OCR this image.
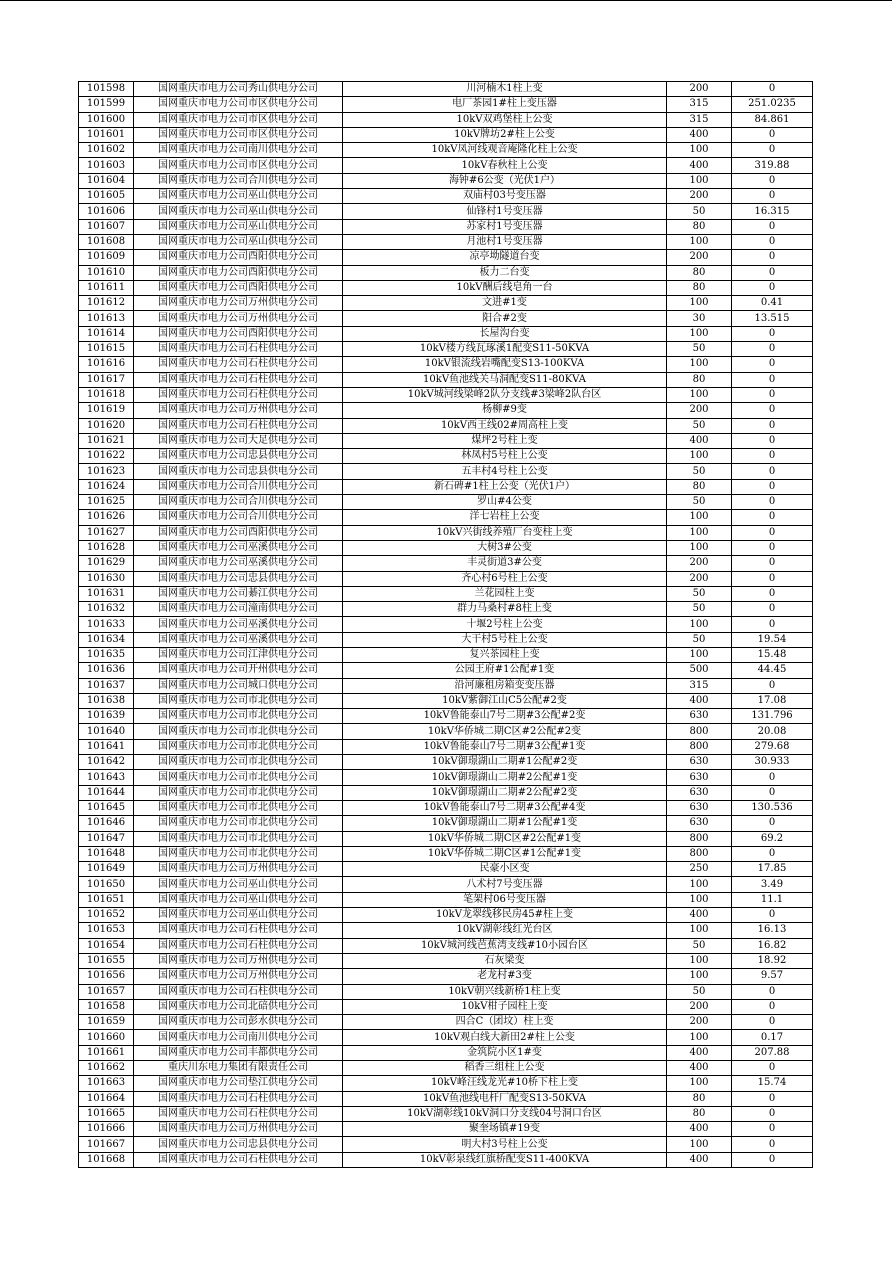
101598	国网重庆市电力公司秀山供电分公司	川河楠木1柱上变	200	0
101599	国网重庆市电力公司市区供电分公司	电厂茶园1#柱上变压器	315	251.0235
101600	国网重庆市电力公司市区供电分公司	10kV双鸡堡柱上公变	315	84.861
101601	国网重庆市电力公司市区供电分公司	10kV牌坊2#柱上公变	400	0
101602	国网重庆市电力公司南川供电分公司	10kV凤河线观音庵隆化柱上公变	100	0
101603	国网重庆市电力公司市区供电分公司	10kV春秋柱上公变	400	319.88
101604	国网重庆市电力公司合川供电分公司	海钟#6公变（光伏1户）	100	0
101605	国网重庆市电力公司巫山供电分公司	双庙村03号变压器	200	0
101606	国网重庆市电力公司巫山供电分公司	仙锋村1号变压器	50	16.315
101607	国网重庆市电力公司巫山供电分公司	苏家村1号变压器	80	0
101608	国网重庆市电力公司巫山供电分公司	月池村1号变压器	100	0
101609	国网重庆市电力公司酉阳供电分公司	凉亭坳隧道台变	200	0
101610	国网重庆市电力公司酉阳供电分公司	板力二台变	80	0
101611	国网重庆市电力公司酉阳供电分公司	10kV酬后线皂角一台	80	0
101612	国网重庆市电力公司万州供电分公司	文进#1变	100	0.41
101613	国网重庆市电力公司万州供电分公司	阳合#2变	30	13.515
101614	国网重庆市电力公司酉阳供电分公司	长屋沟台变	100	0
101615	国网重庆市电力公司石柱供电分公司	10kV楼方线瓦琢溪1配变S11-50KVA	50	0
101616	国网重庆市电力公司石柱供电分公司	10kV银流线岩嘴配变S13-100KVA	100	0
101617	国网重庆市电力公司石柱供电分公司	10kV鱼池线关马洞配变S11-80KVA	80	0
101618	国网重庆市电力公司石柱供电分公司	10kV城河线梁峰2队分支线#3梁峰2队台区	100	0
101619	国网重庆市电力公司万州供电分公司	杨柳#9变	200	0
101620	国网重庆市电力公司石柱供电分公司	10kV西王线02#周高柱上变	50	0
101621	国网重庆市电力公司大足供电分公司	煤坪2号柱上变	400	0
101622	国网重庆市电力公司忠县供电分公司	林凤村5号柱上公变	100	0
101623	国网重庆市电力公司忠县供电分公司	五丰村4号柱上公变	50	0
101624	国网重庆市电力公司合川供电分公司	新石碑#1柱上公变（光伏1户）	80	0
101625	国网重庆市电力公司合川供电分公司	罗山#4公变	50	0
101626	国网重庆市电力公司合川供电分公司	洋七岩柱上公变	100	0
101627	国网重庆市电力公司酉阳供电分公司	10kV兴街线养殖厂台变柱上变	100	0
101628	国网重庆市电力公司巫溪供电分公司	大树3#公变	100	0
101629	国网重庆市电力公司巫溪供电分公司	丰灵街道3#公变	200	0
101630	国网重庆市电力公司忠县供电分公司	齐心村6号柱上公变	200	0
101631	国网重庆市电力公司綦江供电分公司	兰花园柱上变	50	0
101632	国网重庆市电力公司潼南供电分公司	群力马桑村#8柱上变	50	0
101633	国网重庆市电力公司巫溪供电分公司	十堰2号柱上公变	100	0
101634	国网重庆市电力公司巫溪供电分公司	大干村5号柱上公变	50	19.54
101635	国网重庆市电力公司江津供电分公司	复兴茶园柱上变	100	15.48
101636	国网重庆市电力公司开州供电分公司	公园王府#1公配#1变	500	44.45
101637	国网重庆市电力公司城口供电分公司	沿河廉租房箱变变压器	315	0
101638	国网重庆市电力公司市北供电分公司	10kV紫御江山C5公配#2变	400	17.08
101639	国网重庆市电力公司市北供电分公司	10kV鲁能泰山7号二期#3公配#2变	630	131.796
101640	国网重庆市电力公司市北供电分公司	10kV华侨城二期C区#2公配#2变	800	20.08
101641	国网重庆市电力公司市北供电分公司	10kV鲁能泰山7号二期#3公配#1变	800	279.68
101642	国网重庆市电力公司市北供电分公司	10kV御璟湖山二期#1公配#2变	630	30.933
101643	国网重庆市电力公司市北供电分公司	10kV御璟湖山二期#2公配#1变	630	0
101644	国网重庆市电力公司市北供电分公司	10kV御璟湖山二期#2公配#2变	630	0
101645	国网重庆市电力公司市北供电分公司	10kV鲁能泰山7号二期#3公配#4变	630	130.536
101646	国网重庆市电力公司市北供电分公司	10kV御璟湖山二期#1公配#1变	630	0
101647	国网重庆市电力公司市北供电分公司	10kV华侨城二期C区#2公配#1变	800	69.2
101648	国网重庆市电力公司市北供电分公司	10kV华侨城二期C区#1公配#1变	800	0
101649	国网重庆市电力公司万州供电分公司	民豪小区变	250	17.85
101650	国网重庆市电力公司巫山供电分公司	八术村7号变压器	100	3.49
101651	国网重庆市电力公司巫山供电分公司	笔架村06号变压器	100	11.1
101652	国网重庆市电力公司巫山供电分公司	10kV龙翠线移民房45#柱上变	400	0
101653	国网重庆市电力公司石柱供电分公司	10kV湖彰线红光台区	100	16.13
101654	国网重庆市电力公司石柱供电分公司	10kV城河线芭蕉湾支线#10小园台区	50	16.82
101655	国网重庆市电力公司万州供电分公司	石灰梁变	100	18.92
101656	国网重庆市电力公司万州供电分公司	老龙村#3变	100	9.57
101657	国网重庆市电力公司石柱供电分公司	10kV朝兴线新桥1柱上变	50	0
101658	国网重庆市电力公司北碚供电分公司	10kV柑子园柱上变	200	0
101659	国网重庆市电力公司彭水供电分公司	四合C（团坟）柱上变	200	0
101660	国网重庆市电力公司南川供电分公司	10kV观白线大新田2#柱上公变	100	0.17
101661	国网重庆市电力公司丰都供电分公司	金筑院小区1#变	400	207.88
101662	重庆川东电力集团有限责任公司	稻香三组柱上公变	400	0
101663	国网重庆市电力公司垫江供电分公司	10kV峰汪线龙光#10桥下柱上变	100	15.74
101664	国网重庆市电力公司石柱供电分公司	10kV鱼池线电杆厂配变S13-50KVA	80	0
101665	国网重庆市电力公司石柱供电分公司	10kV湖彰线10kV洞口分支线04号洞口台区	80	0
101666	国网重庆市电力公司万州供电分公司	聚奎场镇#19变	400	0
101667	国网重庆市电力公司忠县供电分公司	明大村3号柱上公变	100	0
101668	国网重庆市电力公司石柱供电分公司	10kV彰泉线红旗桥配变S11-400KVA	400	0
